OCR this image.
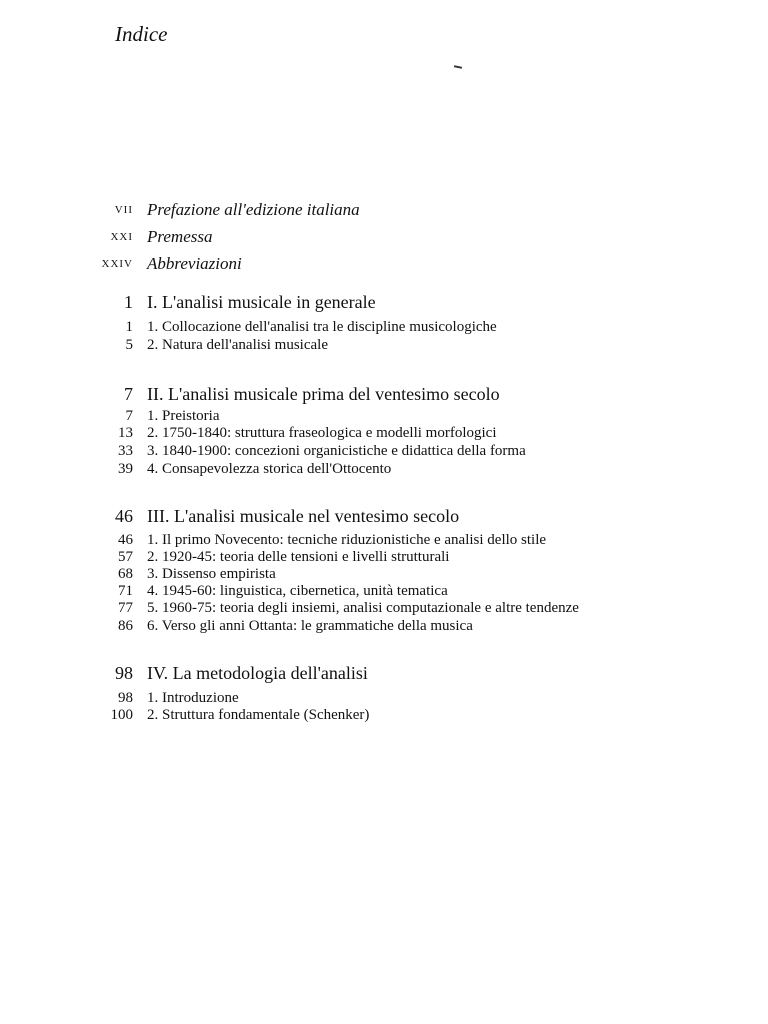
Indice
VII Prefazione all'edizione italiana
XXI Premessa
XXIV Abbreviazioni
1 I. L'analisi musicale in generale
1 1. Collocazione dell'analisi tra le discipline musicologiche
5 2. Natura dell'analisi musicale
7 II. L'analisi musicale prima del ventesimo secolo
7 1. Preistoria
13 2. 1750-1840: struttura fraseologica e modelli morfologici
33 3. 1840-1900: concezioni organicistiche e didattica della forma
39 4. Consapevolezza storica dell'Ottocento
46 III. L'analisi musicale nel ventesimo secolo
46 1. Il primo Novecento: tecniche riduzionistiche e analisi dello stile
57 2. 1920-45: teoria delle tensioni e livelli strutturali
68 3. Dissenso empirista
71 4. 1945-60: linguistica, cibernetica, unità tematica
77 5. 1960-75: teoria degli insiemi, analisi computazionale e altre tendenze
86 6. Verso gli anni Ottanta: le grammatiche della musica
98 IV. La metodologia dell'analisi
98 1. Introduzione
100 2. Struttura fondamentale (Schenker)
